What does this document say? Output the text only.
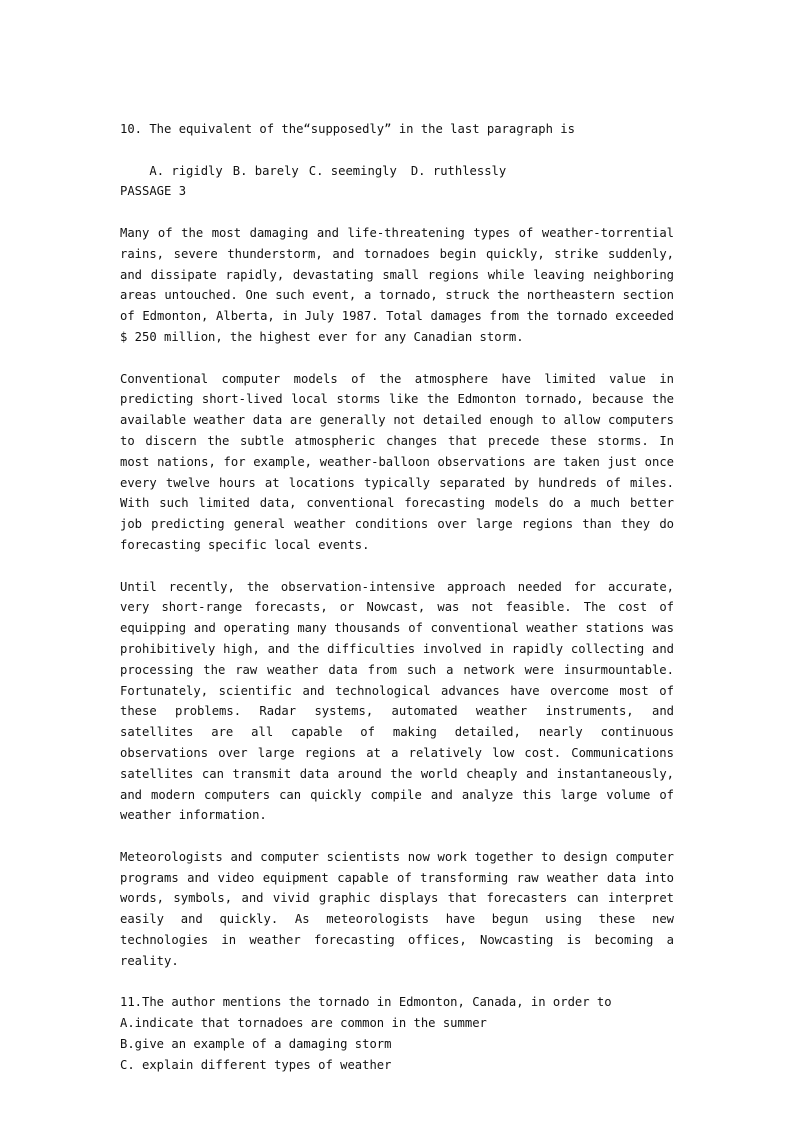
10. The equivalent of the“supposedly” in the last paragraph is

A. rigidly B. barely C. seemingly D. ruthlessly

PASSAGE 3

Many of the most damaging and life-threatening types of weather-torrential rains, severe thunderstorm, and tornadoes begin quickly, strike suddenly, and dissipate rapidly, devastating small regions while leaving neighboring areas untouched. One such event, a tornado, struck the northeastern section of Edmonton, Alberta, in July 1987. Total damages from the tornado exceeded $ 250 million, the highest ever for any Canadian storm.

Conventional computer models of the atmosphere have limited value in predicting short-lived local storms like the Edmonton tornado, because the available weather data are generally not detailed enough to allow computers to discern the subtle atmospheric changes that precede these storms. In most nations, for example, weather-balloon observations are taken just once every twelve hours at locations typically separated by hundreds of miles. With such limited data, conventional forecasting models do a much better job predicting general weather conditions over large regions than they do forecasting specific local events.

Until recently, the observation-intensive approach needed for accurate, very short-range forecasts, or Nowcast, was not feasible. The cost of equipping and operating many thousands of conventional weather stations was prohibitively high, and the difficulties involved in rapidly collecting and processing the raw weather data from such a network were insurmountable. Fortunately, scientific and technological advances have overcome most of these problems. Radar systems, automated weather instruments, and satellites are all capable of making detailed, nearly continuous observations over large regions at a relatively low cost. Communications satellites can transmit data around the world cheaply and instantaneously, and modern computers can quickly compile and analyze this large volume of weather information.

Meteorologists and computer scientists now work together to design computer programs and video equipment capable of transforming raw weather data into words, symbols, and vivid graphic displays that forecasters can interpret easily and quickly. As meteorologists have begun using these new technologies in weather forecasting offices, Nowcasting is becoming a reality.

11.The author mentions the tornado in Edmonton, Canada, in order to
A.indicate that tornadoes are common in the summer
B.give an example of a damaging storm
C. explain different types of weather
